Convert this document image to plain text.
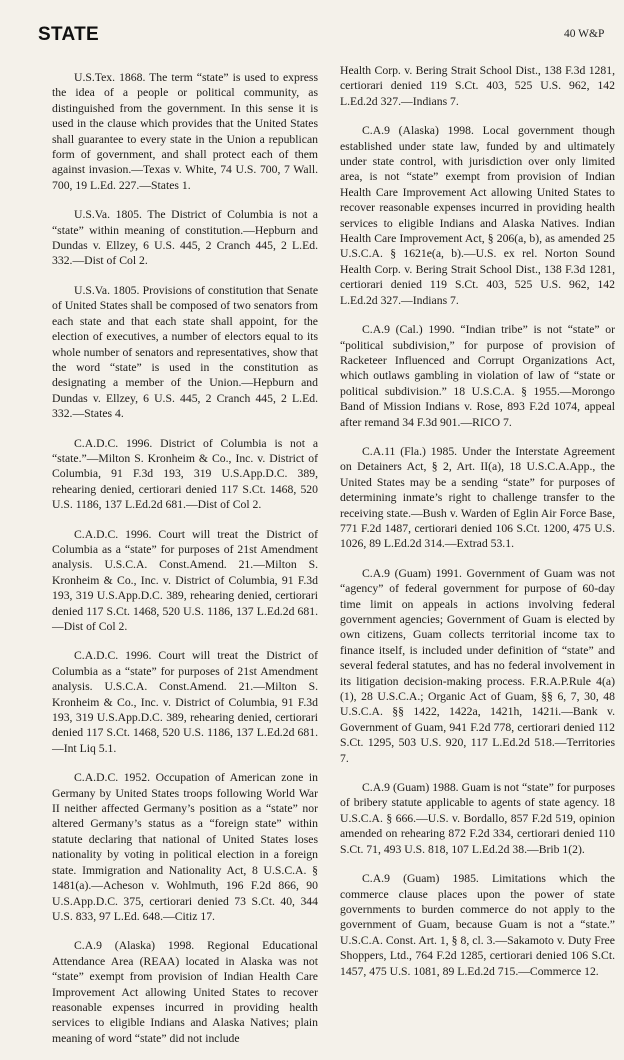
STATE	40 W&P

Health Corp. v. Bering Strait School Dist., 138 F.3d 1281, certiorari denied 119 S.Ct. 403, 525 U.S. 962, 142 L.Ed.2d 327.—Indians 7.

C.A.9 (Alaska) 1998. Local government though established under state law, funded by and ultimately under state control, with jurisdiction over only limited area, is not “state” exempt from provision of Indian Health Care Improvement Act allowing United States to recover reasonable expenses incurred in providing health services to eligible Indians and Alaska Natives. Indian Health Care Improvement Act, § 206(a, b), as amended 25 U.S.C.A. § 1621e(a, b).—U.S. ex rel. Norton Sound Health Corp. v. Bering Strait School Dist., 138 F.3d 1281, certiorari denied 119 S.Ct. 403, 525 U.S. 962, 142 L.Ed.2d 327.—Indians 7.

C.A.9 (Cal.) 1990. “Indian tribe” is not “state” or “political subdivision,” for purpose of provision of Racketeer Influenced and Corrupt Organizations Act, which outlaws gambling in violation of law of “state or political subdivision.” 18 U.S.C.A. § 1955.—Morongo Band of Mission Indians v. Rose, 893 F.2d 1074, appeal after remand 34 F.3d 901.—RICO 7.

C.A.11 (Fla.) 1985. Under the Interstate Agreement on Detainers Act, § 2, Art. II(a), 18 U.S.C.A.App., the United States may be a sending “state” for purposes of determining inmate’s right to challenge transfer to the receiving state.—Bush v. Warden of Eglin Air Force Base, 771 F.2d 1487, certiorari denied 106 S.Ct. 1200, 475 U.S. 1026, 89 L.Ed.2d 314.—Extrad 53.1.

C.A.9 (Guam) 1991. Government of Guam was not “agency” of federal government for purpose of 60-day time limit on appeals in actions involving federal government agencies; Government of Guam is elected by own citizens, Guam collects territorial income tax to finance itself, is included under definition of “state” and several federal statutes, and has no federal involvement in its litigation decision-making process. F.R.A.P.Rule 4(a)(1), 28 U.S.C.A.; Organic Act of Guam, §§ 6, 7, 30, 48 U.S.C.A. §§ 1422, 1422a, 1421h, 1421i.—Bank v. Government of Guam, 941 F.2d 778, certiorari denied 112 S.Ct. 1295, 503 U.S. 920, 117 L.Ed.2d 518.—Territories 7.

C.A.9 (Guam) 1988. Guam is not “state” for purposes of bribery statute applicable to agents of state agency. 18 U.S.C.A. § 666.—U.S. v. Bordallo, 857 F.2d 519, opinion amended on rehearing 872 F.2d 334, certiorari denied 110 S.Ct. 71, 493 U.S. 818, 107 L.Ed.2d 38.—Brib 1(2).

C.A.9 (Guam) 1985. Limitations which the commerce clause places upon the power of state governments to burden commerce do not apply to the government of Guam, because Guam is not a “state.” U.S.C.A. Const. Art. 1, § 8, cl. 3.—Sakamoto v. Duty Free Shoppers, Ltd., 764 F.2d 1285, certiorari denied 106 S.Ct. 1457, 475 U.S. 1081, 89 L.Ed.2d 715.—Commerce 12.

U.S.Tex. 1868. The term “state” is used to express the idea of a people or political community, as distinguished from the government. In this sense it is used in the clause which provides that the United States shall guarantee to every state in the Union a republican form of government, and shall protect each of them against invasion.—Texas v. White, 74 U.S. 700, 7 Wall. 700, 19 L.Ed. 227.—States 1.

U.S.Va. 1805. The District of Columbia is not a “state” within meaning of constitution.—Hepburn and Dundas v. Ellzey, 6 U.S. 445, 2 Cranch 445, 2 L.Ed. 332.—Dist of Col 2.

U.S.Va. 1805. Provisions of constitution that Senate of United States shall be composed of two senators from each state and that each state shall appoint, for the election of executives, a number of electors equal to its whole number of senators and representatives, show that the word “state” is used in the constitution as designating a member of the Union.—Hepburn and Dundas v. Ellzey, 6 U.S. 445, 2 Cranch 445, 2 L.Ed. 332.—States 4.

C.A.D.C. 1996. District of Columbia is not a “state.”—Milton S. Kronheim & Co., Inc. v. District of Columbia, 91 F.3d 193, 319 U.S.App.D.C. 389, rehearing denied, certiorari denied 117 S.Ct. 1468, 520 U.S. 1186, 137 L.Ed.2d 681.—Dist of Col 2.

C.A.D.C. 1996. Court will treat the District of Columbia as a “state” for purposes of 21st Amendment analysis. U.S.C.A. Const.Amend. 21.—Milton S. Kronheim & Co., Inc. v. District of Columbia, 91 F.3d 193, 319 U.S.App.D.C. 389, rehearing denied, certiorari denied 117 S.Ct. 1468, 520 U.S. 1186, 137 L.Ed.2d 681.—Dist of Col 2.

C.A.D.C. 1996. Court will treat the District of Columbia as a “state” for purposes of 21st Amendment analysis. U.S.C.A. Const.Amend. 21.—Milton S. Kronheim & Co., Inc. v. District of Columbia, 91 F.3d 193, 319 U.S.App.D.C. 389, rehearing denied, certiorari denied 117 S.Ct. 1468, 520 U.S. 1186, 137 L.Ed.2d 681.—Int Liq 5.1.

C.A.D.C. 1952. Occupation of American zone in Germany by United States troops following World War II neither affected Germany’s position as a “state” nor altered Germany’s status as a “foreign state” within statute declaring that national of United States loses nationality by voting in political election in a foreign state. Immigration and Nationality Act, 8 U.S.C.A. § 1481(a).—Acheson v. Wohlmuth, 196 F.2d 866, 90 U.S.App.D.C. 375, certiorari denied 73 S.Ct. 40, 344 U.S. 833, 97 L.Ed. 648.—Citiz 17.

C.A.9 (Alaska) 1998. Regional Educational Attendance Area (REAA) located in Alaska was not “state” exempt from provision of Indian Health Care Improvement Act allowing United States to recover reasonable expenses incurred in providing health services to eligible Indians and Alaska Natives; plain meaning of word “state” did not include
